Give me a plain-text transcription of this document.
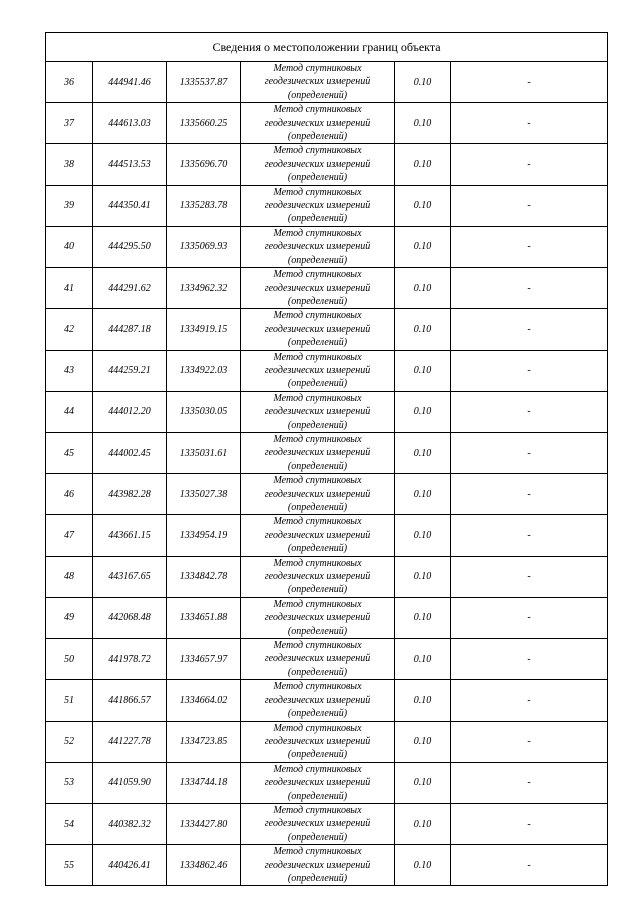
Сведения о местоположении границ объекта					
36	444941.46	1335537.87	Метод спутниковых
геодезических измерений
(определений)	0.10	-
37	444613.03	1335660.25	Метод спутниковых
геодезических измерений
(определений)	0.10	-
38	444513.53	1335696.70	Метод спутниковых
геодезических измерений
(определений)	0.10	-
39	444350.41	1335283.78	Метод спутниковых
геодезических измерений
(определений)	0.10	-
40	444295.50	1335069.93	Метод спутниковых
геодезических измерений
(определений)	0.10	-
41	444291.62	1334962.32	Метод спутниковых
геодезических измерений
(определений)	0.10	-
42	444287.18	1334919.15	Метод спутниковых
геодезических измерений
(определений)	0.10	-
43	444259.21	1334922.03	Метод спутниковых
геодезических измерений
(определений)	0.10	-
44	444012.20	1335030.05	Метод спутниковых
геодезических измерений
(определений)	0.10	-
45	444002.45	1335031.61	Метод спутниковых
геодезических измерений
(определений)	0.10	-
46	443982.28	1335027.38	Метод спутниковых
геодезических измерений
(определений)	0.10	-
47	443661.15	1334954.19	Метод спутниковых
геодезических измерений
(определений)	0.10	-
48	443167.65	1334842.78	Метод спутниковых
геодезических измерений
(определений)	0.10	-
49	442068.48	1334651.88	Метод спутниковых
геодезических измерений
(определений)	0.10	-
50	441978.72	1334657.97	Метод спутниковых
геодезических измерений
(определений)	0.10	-
51	441866.57	1334664.02	Метод спутниковых
геодезических измерений
(определений)	0.10	-
52	441227.78	1334723.85	Метод спутниковых
геодезических измерений
(определений)	0.10	-
53	441059.90	1334744.18	Метод спутниковых
геодезических измерений
(определений)	0.10	-
54	440382.32	1334427.80	Метод спутниковых
геодезических измерений
(определений)	0.10	-
55	440426.41	1334862.46	Метод спутниковых
геодезических измерений
(определений)	0.10	-
